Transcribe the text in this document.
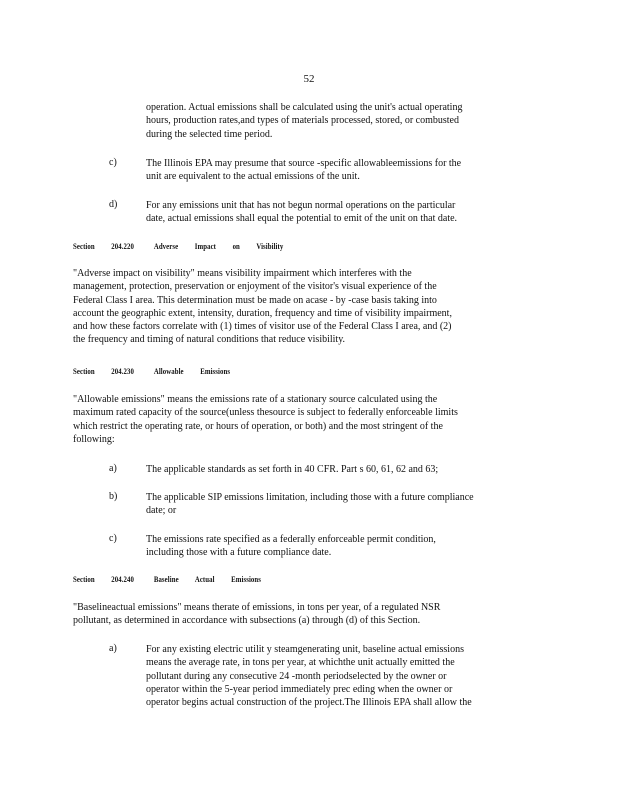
52
operation. Actual emissions shall be calculated using the unit's actual operating
hours, production rates,and types of materials processed, stored, or combusted
during the selected time period.
c)	The Illinois EPA may presume that source -specific allowableemissions for the
unit are equivalent to the actual emissions of the unit.
d)	For any emissions unit that has not begun normal operations on the particular
date, actual emissions shall equal the potential to emit of the unit on that date.
Section 204.220 Adverse Impact on Visibility
"Adverse impact on visibility" means visibility impairment which interferes with the
management, protection, preservation or enjoyment of the visitor's visual experience of the
Federal Class I area. This determination must be made on acase - by -case basis taking into
account the geographic extent, intensity, duration, frequency and time of visibility impairment,
and how these factors correlate with (1) times of visitor use of the Federal Class I area, and (2)
the frequency and timing of natural conditions that reduce visibility.
Section 204.230 Allowable Emissions
"Allowable emissions" means the emissions rate of a stationary source calculated using the
maximum rated capacity of the source(unless thesource is subject to federally enforceable limits
which restrict the operating rate, or hours of operation, or both) and the most stringent of the
following:
a)	The applicable standards as set forth in 40 CFR. Part s 60, 61, 62 and 63;
b)	The applicable SIP emissions limitation, including those with a future compliance
date; or
c)	The emissions rate specified as a federally enforceable permit condition,
including those with a future compliance date.
Section 204.240 Baseline Actual Emissions
"Baselineactual emissions" means therate of emissions, in tons per year, of a regulated NSR
pollutant, as determined in accordance with subsections (a) through (d) of this Section.
a)	For any existing electric utilit y steamgenerating unit, baseline actual emissions
means the average rate, in tons per year, at whichthe unit actually emitted the
pollutant during any consecutive 24 -month periodselected by the owner or
operator within the 5-year period immediately prec eding when the owner or
operator begins actual construction of the project.The Illinois EPA shall allow the
